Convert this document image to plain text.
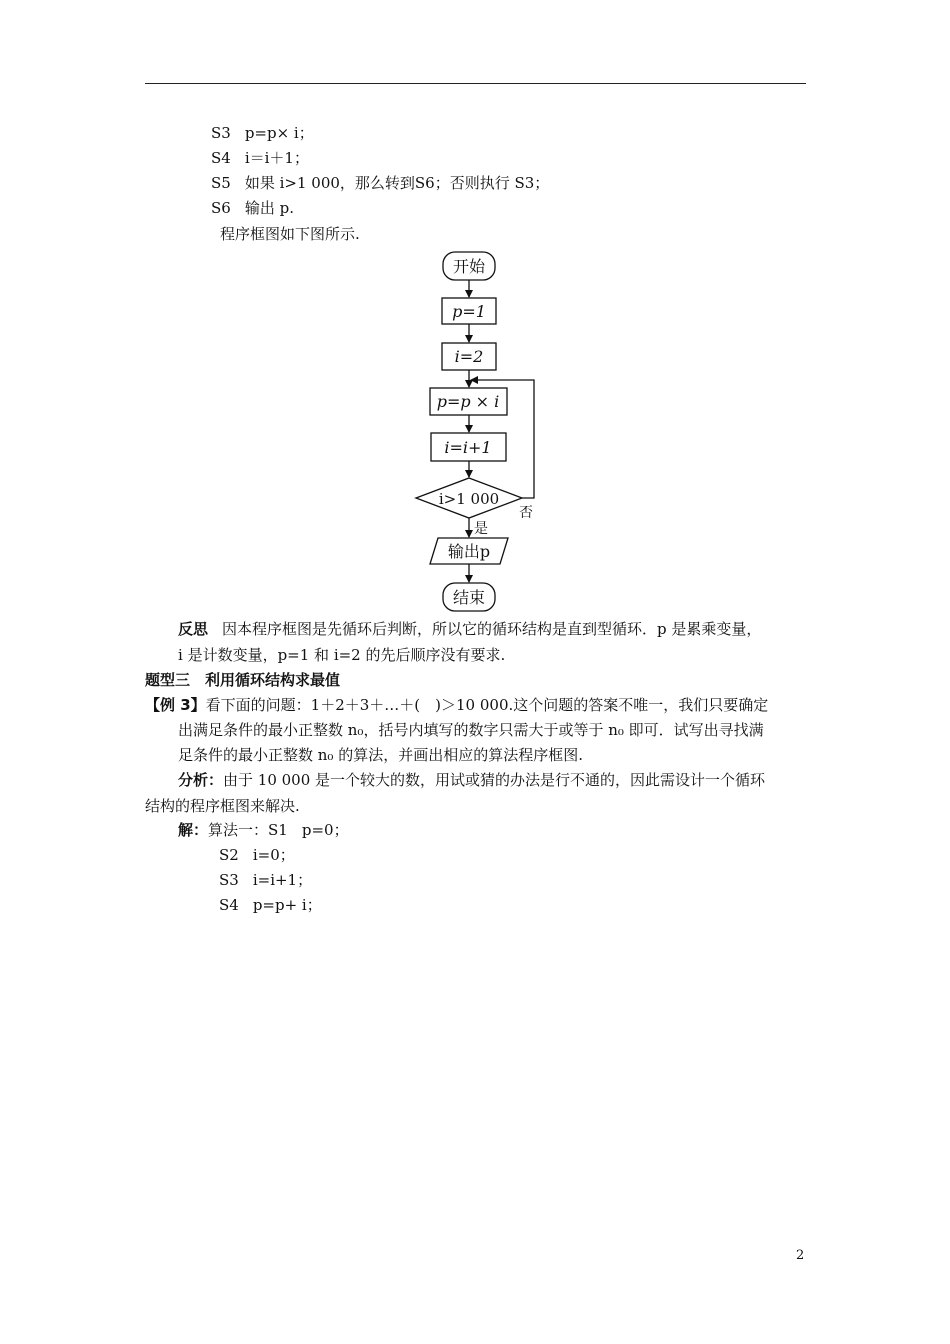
S3 p=p× i；
S4 i＝i＋1；
S5 如果 i>1 000，那么转到S6；否则执行 S3；
S6 输出 p.
程序框图如下图所示.
开始
p=1
i=2
p=p × i
i=i+1
i>1 000
输出p
结束
否
是
反思 因本程序框图是先循环后判断，所以它的循环结构是直到型循环．p 是累乘变量，
i 是计数变量，p=1 和 i=2 的先后顺序没有要求.
题型三　利用循环结构求最值
【例 3】看下面的问题：1＋2＋3＋…＋(　)＞10 000.这个问题的答案不唯一，我们只要确定
出满足条件的最小正整数 n₀，括号内填写的数字只需大于或等于 n₀ 即可．试写出寻找满
足条件的最小正整数 n₀ 的算法，并画出相应的算法程序框图.
分析：由于 10 000 是一个较大的数，用试或猜的办法是行不通的，因此需设计一个循环
结构的程序框图来解决.
解：算法一：S1 p=0；
S2 i=0；
S3 i=i+1；
S4 p=p+ i；
2
